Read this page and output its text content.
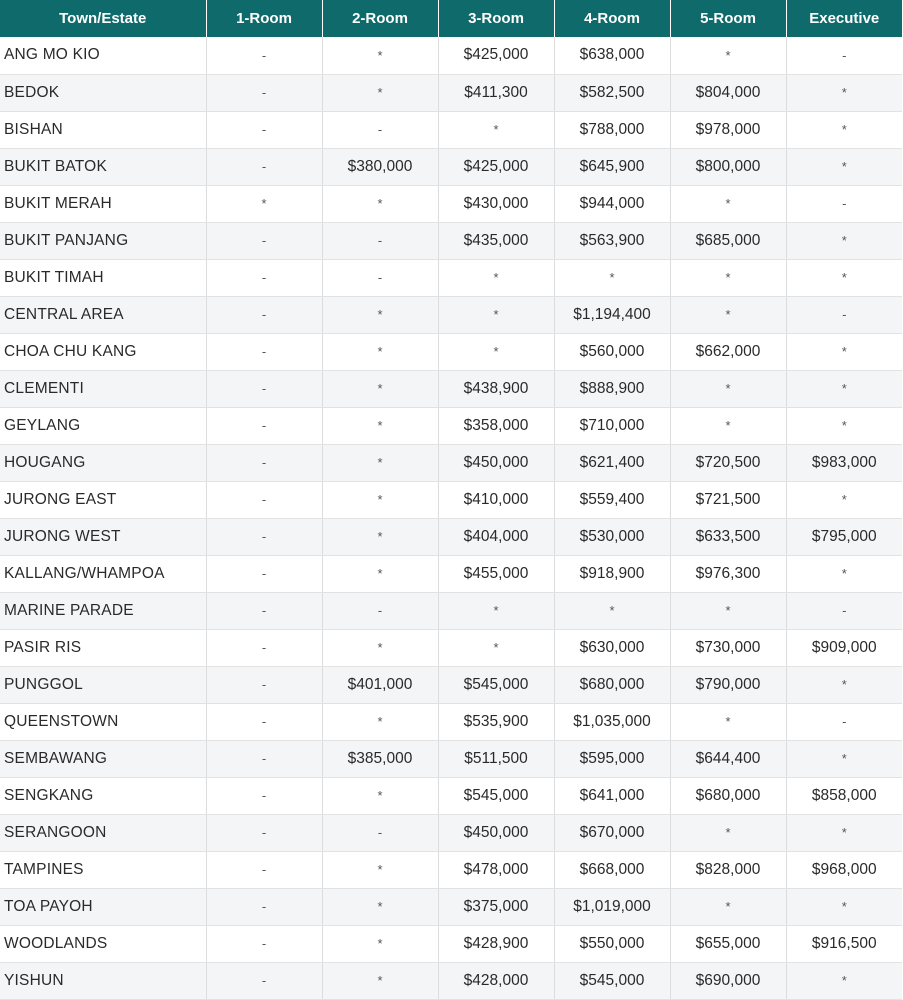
Town/Estate	1-Room	2-Room	3-Room	4-Room	5-Room	Executive
ANG MO KIO	-	*	$425,000	$638,000	*	-
BEDOK	-	*	$411,300	$582,500	$804,000	*
BISHAN	-	-	*	$788,000	$978,000	*
BUKIT BATOK	-	$380,000	$425,000	$645,900	$800,000	*
BUKIT MERAH	*	*	$430,000	$944,000	*	-
BUKIT PANJANG	-	-	$435,000	$563,900	$685,000	*
BUKIT TIMAH	-	-	*	*	*	*
CENTRAL AREA	-	*	*	$1,194,400	*	-
CHOA CHU KANG	-	*	*	$560,000	$662,000	*
CLEMENTI	-	*	$438,900	$888,900	*	*
GEYLANG	-	*	$358,000	$710,000	*	*
HOUGANG	-	*	$450,000	$621,400	$720,500	$983,000
JURONG EAST	-	*	$410,000	$559,400	$721,500	*
JURONG WEST	-	*	$404,000	$530,000	$633,500	$795,000
KALLANG/WHAMPOA	-	*	$455,000	$918,900	$976,300	*
MARINE PARADE	-	-	*	*	*	-
PASIR RIS	-	*	*	$630,000	$730,000	$909,000
PUNGGOL	-	$401,000	$545,000	$680,000	$790,000	*
QUEENSTOWN	-	*	$535,900	$1,035,000	*	-
SEMBAWANG	-	$385,000	$511,500	$595,000	$644,400	*
SENGKANG	-	*	$545,000	$641,000	$680,000	$858,000
SERANGOON	-	-	$450,000	$670,000	*	*
TAMPINES	-	*	$478,000	$668,000	$828,000	$968,000
TOA PAYOH	-	*	$375,000	$1,019,000	*	*
WOODLANDS	-	*	$428,900	$550,000	$655,000	$916,500
YISHUN	-	*	$428,000	$545,000	$690,000	*
